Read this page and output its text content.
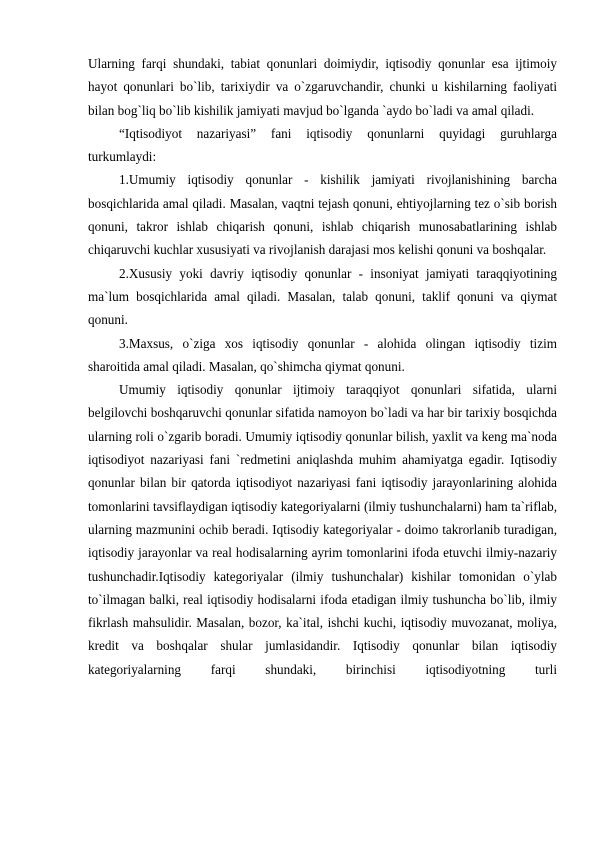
Ularning farqi shundaki, tabiat qonunlari doimiydir, iqtisodiy qonunlar esa ijtimoiy hayot qonunlari bo`lib, tarixiydir va o`zgaruvchandir, chunki u kishilarning faoliyati bilan bog`liq bo`lib kishilik jamiyati mavjud bo`lganda `aydo bo`ladi va amal qiladi.

“Iqtisodiyot nazariyasi” fani iqtisodiy qonunlarni quyidagi guruhlarga turkumlaydi:

1.Umumiy iqtisodiy qonunlar - kishilik jamiyati rivojlanishining barcha bosqichlarida amal qiladi. Masalan, vaqtni tejash qonuni, ehtiyojlarning tez o`sib borish qonuni, takror ishlab chiqarish qonuni, ishlab chiqarish munosabatlarining ishlab chiqaruvchi kuchlar xususiyati va rivojlanish darajasi mos kelishi qonuni va boshqalar.

2.Xususiy yoki davriy iqtisodiy qonunlar - insoniyat jamiyati taraqqiyotining ma`lum bosqichlarida amal qiladi. Masalan, talab qonuni, taklif qonuni va qiymat qonuni.

3.Maxsus, o`ziga xos iqtisodiy qonunlar - alohida olingan iqtisodiy tizim sharoitida amal qiladi. Masalan, qo`shimcha qiymat qonuni.

Umumiy iqtisodiy qonunlar ijtimoiy taraqqiyot qonunlari sifatida, ularni belgilovchi boshqaruvchi qonunlar sifatida namoyon bo`ladi va har bir tarixiy bosqichda ularning roli o`zgarib boradi. Umumiy iqtisodiy qonunlar bilish, yaxlit va keng ma`noda iqtisodiyot nazariyasi fani `redmetini aniqlashda muhim ahamiyatga egadir. Iqtisodiy qonunlar bilan bir qatorda iqtisodiyot nazariyasi fani iqtisodiy jarayonlarining alohida tomonlarini tavsiflaydigan iqtisodiy kategoriyalarni (ilmiy tushunchalarni) ham ta`riflab, ularning mazmunini ochib beradi. Iqtisodiy kategoriyalar - doimo takrorlanib turadigan, iqtisodiy jarayonlar va real hodisalarning ayrim tomonlarini ifoda etuvchi ilmiy-nazariy tushunchadir.Iqtisodiy kategoriyalar (ilmiy tushunchalar) kishilar tomonidan o`ylab to`ilmagan balki, real iqtisodiy hodisalarni ifoda etadigan ilmiy tushuncha bo`lib, ilmiy fikrlash mahsulidir. Masalan, bozor, ka`ital, ishchi kuchi, iqtisodiy muvozanat, moliya, kredit va boshqalar shular jumlasidandir. Iqtisodiy qonunlar bilan iqtisodiy kategoriyalarning farqi shundaki, birinchisi iqtisodiyotning turli
